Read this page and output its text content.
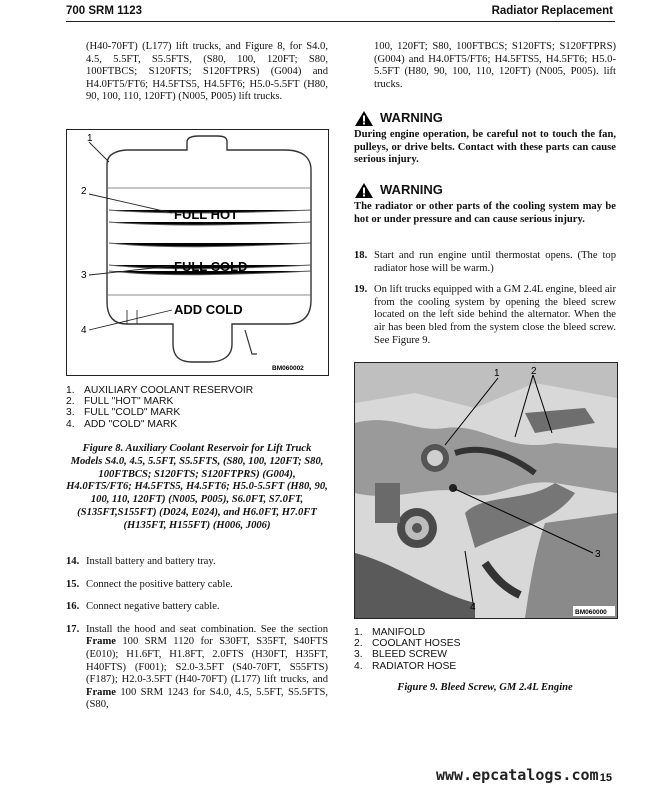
700 SRM 1123	Radiator Replacement

(H40-70FT) (L177) lift trucks, and Figure 8, for S4.0, 4.5, 5.5FT, S5.5FTS, (S80, 100, 120FT; S80, 100FTBCS; S120FTS; S120FTPRS) (G004) and H4.0FT5/FT6; H4.5FTS5, H4.5FT6; H5.0-5.5FT (H80, 90, 100, 110, 120FT) (N005, P005) lift trucks.

1
2
3
4
FULL HOT
FULL COLD
ADD COLD
BM060002
1. AUXILIARY COOLANT RESERVOIR
2. FULL "HOT" MARK
3. FULL "COLD" MARK
4. ADD "COLD" MARK
Figure 8. Auxiliary Coolant Reservoir for Lift Truck Models S4.0, 4.5, 5.5FT, S5.5FTS, (S80, 100, 120FT; S80, 100FTBCS; S120FTS; S120FTPRS) (G004), H4.0FT5/FT6; H4.5FTS5, H4.5FT6; H5.0-5.5FT (H80, 90, 100, 110, 120FT) (N005, P005), S6.0FT, S7.0FT, (S135FT,S155FT) (D024, E024), and H6.0FT, H7.0FT (H135FT, H155FT) (H006, J006)
14. Install battery and battery tray.
15. Connect the positive battery cable.
16. Connect negative battery cable.
17. Install the hood and seat combination. See the section Frame 100 SRM 1120 for S30FT, S35FT, S40FTS (E010); H1.6FT, H1.8FT, 2.0FTS (H30FT, H35FT, H40FTS) (F001); S2.0-3.5FT (S40-70FT, S55FTS) (F187); H2.0-3.5FT (H40-70FT) (L177) lift trucks, and Frame 100 SRM 1243 for S4.0, 4.5, 5.5FT, S5.5FTS, (S80,

100, 120FT; S80, 100FTBCS; S120FTS; S120FTPRS) (G004) and H4.0FT5/FT6; H4.5FTS5, H4.5FT6; H5.0-5.5FT (H80, 90, 100, 110, 120FT) (N005, P005). lift trucks.

WARNING

During engine operation, be careful not to touch the fan, pulleys, or drive belts. Contact with these parts can cause serious injury.

WARNING

The radiator or other parts of the cooling system may be hot or under pressure and can cause serious injury.

18. Start and run engine until thermostat opens. (The top radiator hose will be warm.)
19. On lift trucks equipped with a GM 2.4L engine, bleed air from the cooling system by opening the bleed screw located on the left side behind the alternator. When the air has been bled from the system close the bleed screw. See Figure 9.
1	2
3
4	BM060000
1. MANIFOLD
2. COOLANT HOSES
3. BLEED SCREW
4. RADIATOR HOSE
Figure 9. Bleed Screw, GM 2.4L Engine
www.epcatalogs.com 15
